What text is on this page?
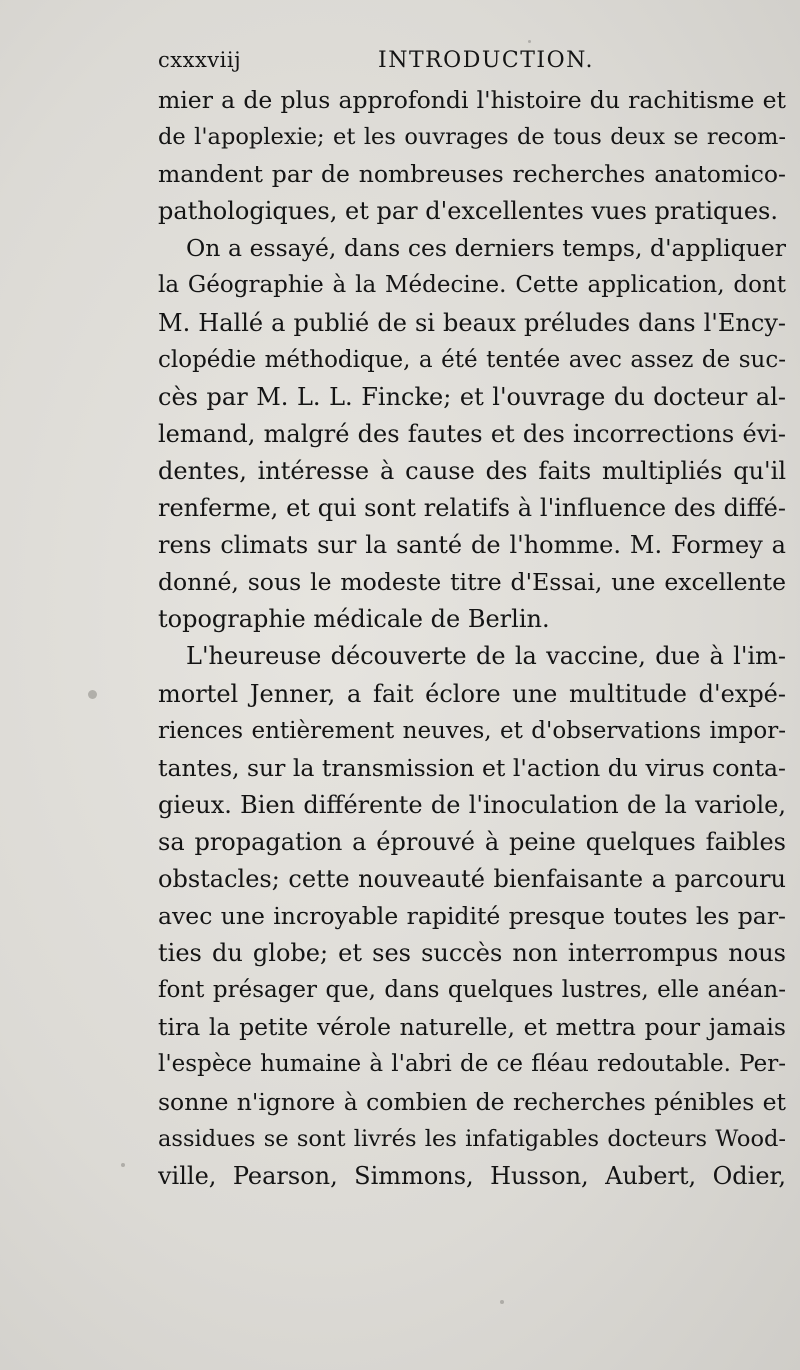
cxxxviij	INTRODUCTION.
mier a de plus approfondi l'histoire du rachitisme et
de l'apoplexie; et les ouvrages de tous deux se recom-
mandent par de nombreuses recherches anatomico-
pathologiques, et par d'excellentes vues pratiques.
On a essayé, dans ces derniers temps, d'appliquer
la Géographie à la Médecine. Cette application, dont
M. Hallé a publié de si beaux préludes dans l'Ency-
clopédie méthodique, a été tentée avec assez de suc-
cès par M. L. L. Fincke; et l'ouvrage du docteur al-
lemand, malgré des fautes et des incorrections évi-
dentes, intéresse à cause des faits multipliés qu'il
renferme, et qui sont relatifs à l'influence des diffé-
rens climats sur la santé de l'homme. M. Formey a
donné, sous le modeste titre d'Essai, une excellente
topographie médicale de Berlin.
L'heureuse découverte de la vaccine, due à l'im-
mortel Jenner, a fait éclore une multitude d'expé-
riences entièrement neuves, et d'observations impor-
tantes, sur la transmission et l'action du virus conta-
gieux. Bien différente de l'inoculation de la variole,
sa propagation a éprouvé à peine quelques faibles
obstacles; cette nouveauté bienfaisante a parcouru
avec une incroyable rapidité presque toutes les par-
ties du globe; et ses succès non interrompus nous
font présager que, dans quelques lustres, elle anéan-
tira la petite vérole naturelle, et mettra pour jamais
l'espèce humaine à l'abri de ce fléau redoutable. Per-
sonne n'ignore à combien de recherches pénibles et
assidues se sont livrés les infatigables docteurs Wood-
ville, Pearson, Simmons, Husson, Aubert, Odier,
